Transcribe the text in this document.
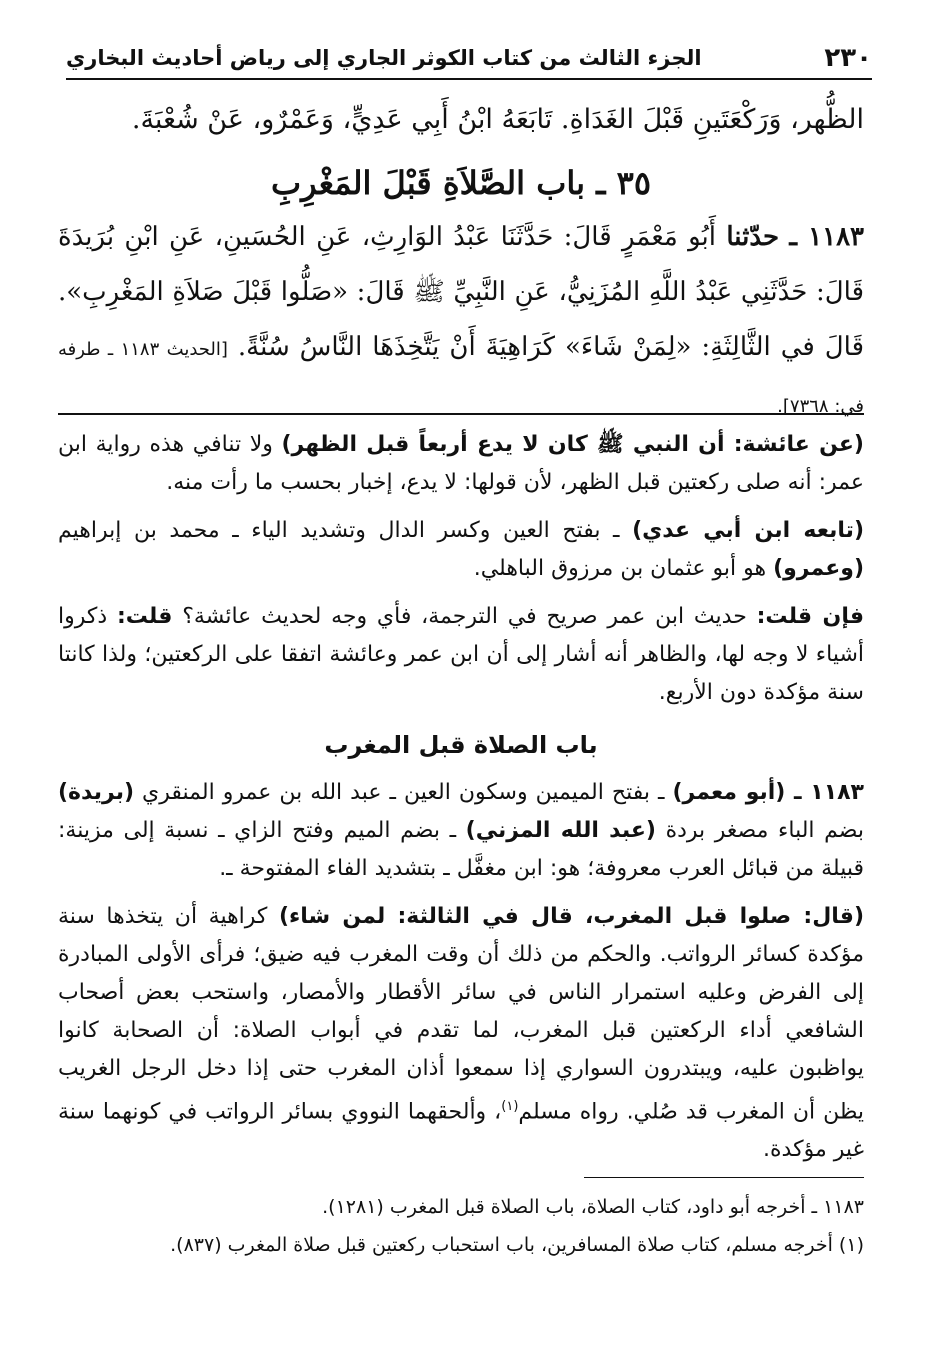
٢٣٠
الجزء الثالث من كتاب الكوثر الجاري إلى رياض أحاديث البخاري
الظُّهر، وَرَكْعَتَينِ قَبْلَ الغَدَاةِ. تَابَعَهُ ابْنُ أَبِي عَدِيٍّ، وَعَمْرٌو، عَنْ شُعْبَةَ.
٣٥ ـ باب الصَّلاَةِ قَبْلَ المَغْرِبِ
١١٨٣ ـ حدّثنا أَبُو مَعْمَرٍ قَالَ: حَدَّثَنَا عَبْدُ الوَارِثِ، عَنِ الحُسَينِ، عَنِ ابْنِ بُرَيدَةَ قَالَ: حَدَّثَنِي عَبْدُ اللَّهِ المُزَنِيُّ، عَنِ النَّبِيِّ ﷺ قَالَ: «صَلُّوا قَبْلَ صَلاَةِ المَغْرِبِ». قَالَ في الثَّالِثَةِ: «لِمَنْ شَاءَ» كَرَاهِيَةَ أَنْ يَتَّخِذَهَا النَّاسُ سُنَّةً. [الحديث ١١٨٣ ـ طرفه في: ٧٣٦٨].

(عن عائشة: أن النبي ﷺ كان لا يدع أربعاً قبل الظهر) ولا تنافي هذه رواية ابن عمر: أنه صلى ركعتين قبل الظهر، لأن قولها: لا يدع، إخبار بحسب ما رأت منه.

(تابعه ابن أبي عدي) ـ بفتح العين وكسر الدال وتشديد الياء ـ محمد بن إبراهيم (وعمرو) هو أبو عثمان بن مرزوق الباهلي.

فإن قلت: حديث ابن عمر صريح في الترجمة، فأي وجه لحديث عائشة؟ قلت: ذكروا أشياء لا وجه لها، والظاهر أنه أشار إلى أن ابن عمر وعائشة اتفقا على الركعتين؛ ولذا كانتا سنة مؤكدة دون الأربع.

باب الصلاة قبل المغرب

١١٨٣ ـ (أبو معمر) ـ بفتح الميمين وسكون العين ـ عبد الله بن عمرو المنقري (بريدة) بضم الباء مصغر بردة (عبد الله المزني) ـ بضم الميم وفتح الزاي ـ نسبة إلى مزينة: قبيلة من قبائل العرب معروفة؛ هو: ابن مغفَّل ـ بتشديد الفاء المفتوحة ـ.

(قال: صلوا قبل المغرب، قال في الثالثة: لمن شاء) كراهية أن يتخذها سنة مؤكدة كسائر الرواتب. والحكم من ذلك أن وقت المغرب فيه ضيق؛ فرأى الأولى المبادرة إلى الفرض وعليه استمرار الناس في سائر الأقطار والأمصار، واستحب بعض أصحاب الشافعي أداء الركعتين قبل المغرب، لما تقدم في أبواب الصلاة: أن الصحابة كانوا يواظبون عليه، ويبتدرون السواري إذا سمعوا أذان المغرب حتى إذا دخل الرجل الغريب يظن أن المغرب قد صُلي. رواه مسلم$^{(١)}$، وألحقهما النووي بسائر الرواتب في كونهما سنة غير مؤكدة.

١١٨٣ ـ أخرجه أبو داود، كتاب الصلاة، باب الصلاة قبل المغرب (١٢٨١).

(١) أخرجه مسلم، كتاب صلاة المسافرين، باب استحباب ركعتين قبل صلاة المغرب (٨٣٧).
